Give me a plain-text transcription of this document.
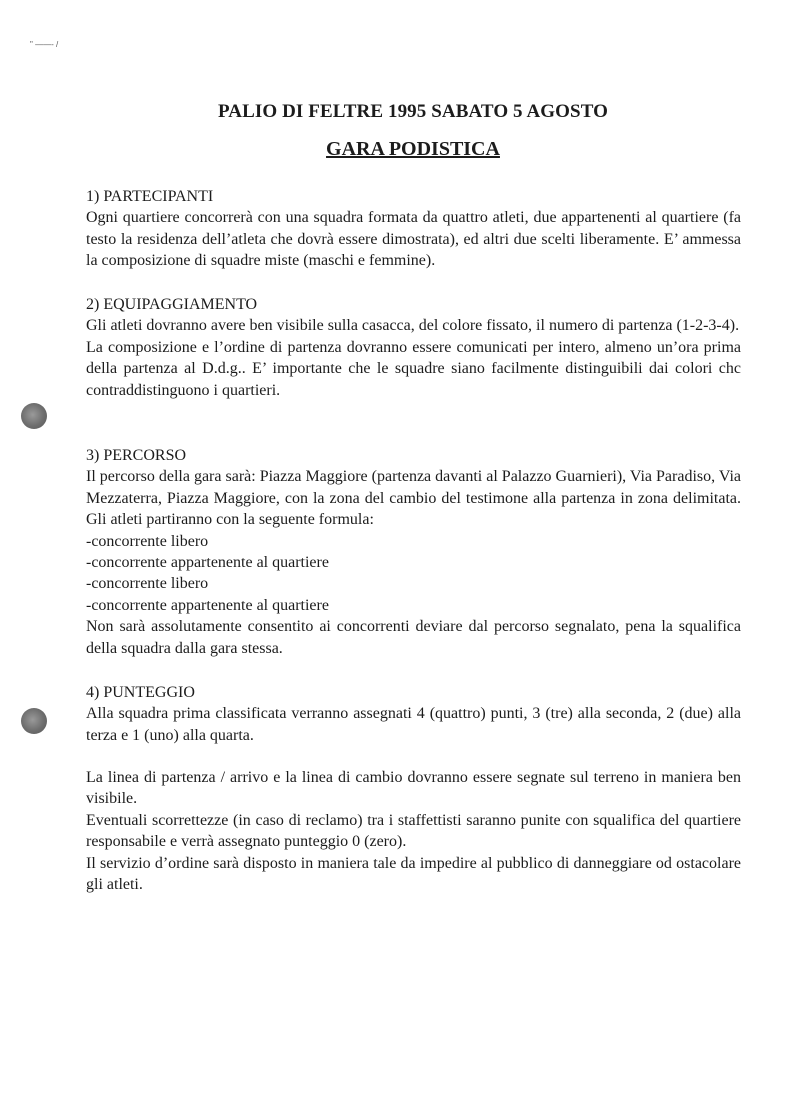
" ——- /
PALIO DI FELTRE 1995 SABATO 5 AGOSTO
GARA PODISTICA

1) PARTECIPANTI

Ogni quartiere concorrerà con una squadra formata da quattro atleti, due appartenenti al quartiere (fa testo la residenza dell’atleta che dovrà essere dimostrata), ed altri due scelti liberamente. E’ ammessa la composizione di squadre miste (maschi e femmine).

2) EQUIPAGGIAMENTO

Gli atleti dovranno avere ben visibile sulla casacca, del colore fissato, il numero di partenza (1-2-3-4).

La composizione e l’ordine di partenza dovranno essere comunicati per intero, almeno un’ora prima della partenza al D.d.g.. E’ importante che le squadre siano facilmente distinguibili dai colori chc contraddistinguono i quartieri.

3) PERCORSO

Il percorso della gara sarà: Piazza Maggiore (partenza davanti al Palazzo Guarnieri), Via Paradiso, Via Mezzaterra, Piazza Maggiore, con la zona del cambio del testimone alla partenza in zona delimitata. Gli atleti partiranno con la seguente formula:

-concorrente libero

-concorrente appartenente al quartiere

-concorrente libero

-concorrente appartenente al quartiere

Non sarà assolutamente consentito ai concorrenti deviare dal percorso segnalato, pena la squalifica della squadra dalla gara stessa.

4) PUNTEGGIO

Alla squadra prima classificata verranno assegnati 4 (quattro) punti, 3 (tre) alla seconda, 2 (due) alla terza e 1 (uno) alla quarta.

La linea di partenza / arrivo e la linea di cambio dovranno essere segnate sul terreno in maniera ben visibile.

Eventuali scorrettezze (in caso di reclamo) tra i staffettisti saranno punite con squalifica del quartiere responsabile e verrà assegnato punteggio 0 (zero).

Il servizio d’ordine sarà disposto in maniera tale da impedire al pubblico di danneggiare od ostacolare gli atleti.
